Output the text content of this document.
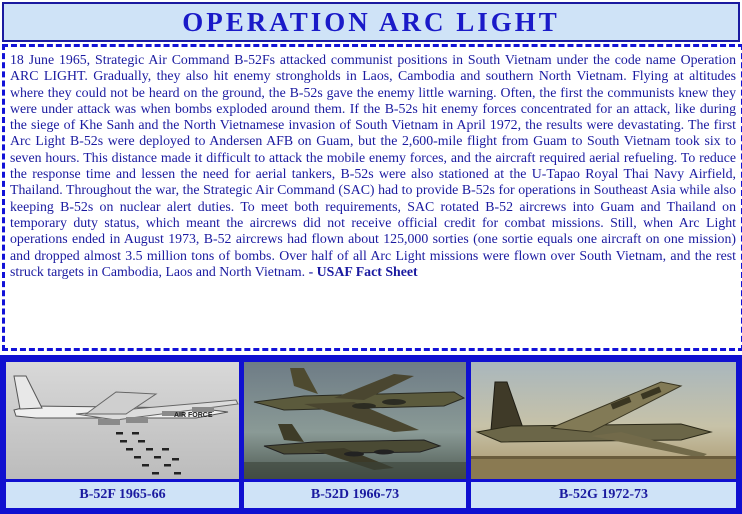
OPERATION ARC LIGHT

18 June 1965, Strategic Air Command B-52Fs attacked communist positions in South Vietnam under the code name Operation ARC LIGHT. Gradually, they also hit enemy strongholds in Laos, Cambodia and southern North Vietnam. Flying at altitudes where they could not be heard on the ground, the B-52s gave the enemy little warning. Often, the first the communists knew they were under attack was when bombs exploded around them. If the B-52s hit enemy forces concentrated for an attack, like during the siege of Khe Sanh and the North Vietnamese invasion of South Vietnam in April 1972, the results were devastating. The first Arc Light B-52s were deployed to Andersen AFB on Guam, but the 2,600-mile flight from Guam to South Vietnam took six to seven hours. This distance made it difficult to attack the mobile enemy forces, and the aircraft required aerial refueling. To reduce the response time and lessen the need for aerial tankers, B-52s were also stationed at the U-Tapao Royal Thai Navy Airfield, Thailand. Throughout the war, the Strategic Air Command (SAC) had to provide B-52s for operations in Southeast Asia while also keeping B-52s on nuclear alert duties. To meet both requirements, SAC rotated B-52 aircrews into Guam and Thailand on temporary duty status, which meant the aircrews did not receive official credit for combat missions. Still, when Arc Light operations ended in August 1973, B-52 aircrews had flown about 125,000 sorties (one sortie equals one aircraft on one mission) and dropped almost 3.5 million tons of bombs. Over half of all Arc Light missions were flown over South Vietnam, and the rest struck targets in Cambodia, Laos and North Vietnam. - USAF Fact Sheet

AIR FORCE
B-52F 1965-66	B-52D 1966-73	B-52G 1972-73
